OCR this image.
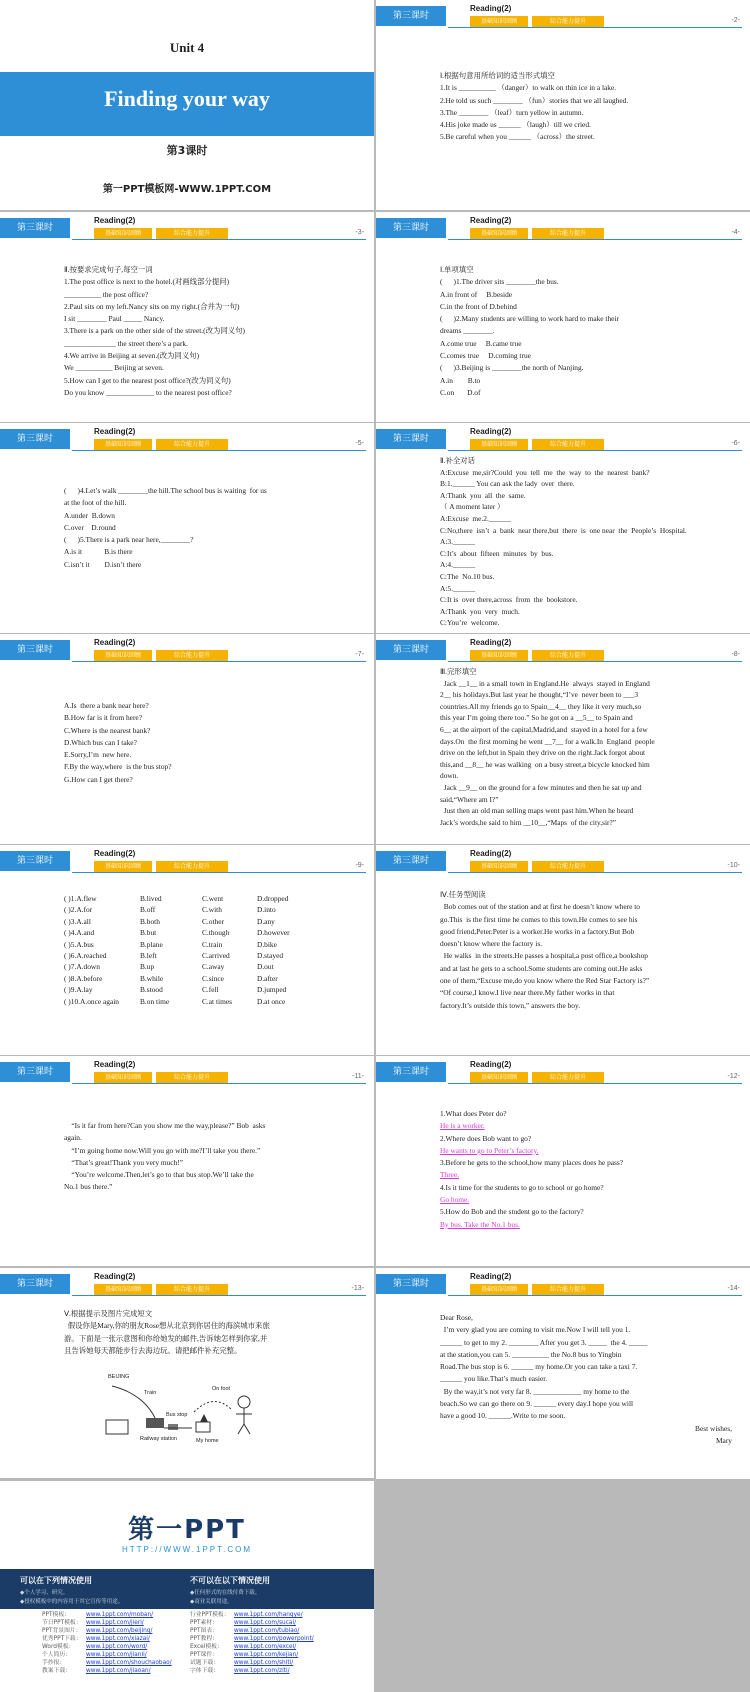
Unit 4
Finding your way
第3课时
第一PPT模板网-WWW.1PPT.COM
第三课时
Reading(2)
基础知识回顾	综合能力提升	-2-

Ⅰ.根据句意用所给词的适当形式填空

1.It is __________ （danger）to walk on thin ice in a lake.

2.He told us such ________ （fun）stories that we all laughed.

3.The ________ （leaf）turn yellow in autumn.

4.His joke made us ______ （laugh）till we cried.

5.Be careful when you ______ （across）the street.

第三课时
Reading(2)
基础知识回顾	综合能力提升	-3-

Ⅱ.按要求完成句子,每空一词

1.The post office is next to the hotel.(对画线部分提问)

__________ the post office?

2.Paul sits on my left.Nancy sits on my right.(合并为一句)

I sit ________ Paul _____ Nancy.

3.There is a park on the other side of the street.(改为同义句)

______________ the street there’s a park.

4.We arrive in Beijing at seven.(改为同义句)

We __________ Beijing at seven.

5.How can I get to the nearest post office?(改为同义句)

Do you know _____________ to the nearest post office?

第三课时
Reading(2)
基础知识回顾	综合能力提升	-4-

Ⅰ.单项填空

(      )1.The driver sits ________the bus.

A.in front of     B.beside

C.in the front of D.behind

(      )2.Many students are willing to work hard to make their

dreams ________.

A.come true     B.came true

C.comes true     D.coming true

(      )3.Beijing is ________the north of Nanjing.

A.in        B.to

C.on       D.of

第三课时
Reading(2)
基础知识回顾	综合能力提升	-5-

(      )4.Let’s walk ________the hill.The school bus is waiting  for us

at the foot of the hill.

A.under  B.down

C.over    D.round

(      )5.There is a park near here,________?

A.is it            B.is there

C.isn’t it        D.isn’t there

第三课时
Reading(2)
基础知识回顾	综合能力提升	-6-

Ⅱ.补全对话

A:Excuse  me,sir?Could  you  tell  me  the  way  to  the  nearest  bank?

B:1.______ You can ask the lady  over  there.

A:Thank  you  all  the  same.

（ A moment later ）

A:Excuse  me.2.______

C:No,there  isn’t  a  bank  near there,but  there  is  one near  the  People’s  Hospital.

A:3.______

C:It’s  about  fifteen  minutes  by  bus.

A:4.______

C:The  No.10 bus.

A:5.______

C:It is  over there,across  from  the  bookstore.

A:Thank  you  very  much.

C:You’re  welcome.

第三课时
Reading(2)
基础知识回顾	综合能力提升	-7-

A.Is  there a bank near here?

B.How far is it from here?

C.Where is the nearest bank?

D.Which bus can I take?

E.Sorry,I’m  new here.

F.By the way,where  is the bus stop?

G.How can I get there?

第三课时
Reading(2)
基础知识回顾	综合能力提升	-8-

Ⅲ.完形填空

Jack __1__ in a small town in England.He  always  stayed in England

2__ his holidays.But last year he thought,“I’ve  never been to ___3

countries.All my friends go to Spain__4__ they like it very much,so

this year I’m going there too.” So he got on a __5__ to Spain and

6__ at the airport of the capital,Madrid,and  stayed in a hotel for a few

days.On  the first morning he went __7__ for a walk.In  England  people

drive on the left,but in Spain they drive on the right.Jack forgot about

this,and __8__ he was walking  on a busy street,a bicycle knocked him

down.

Jack __9__ on the ground for a few minutes and then he sat up and

said,“Where am I?”

Just then an old man selling maps went past him.When he heard

Jack’s words,he said to him __10__,“Maps  of the city,sir?”

第三课时
Reading(2)
基础知识回顾	综合能力提升	-9-
( )1.A.flew	B.lived	C.went	D.dropped
( )2.A.for	B.off	C.with	D.into
( )3.A.all	B.both	C.other	D.any
( )4.A.and	B.but	C.though	D.however
( )5.A.bus	B.plane	C.train	D.bike
( )6.A.reached	B.left	C.arrived	D.stayed
( )7.A.down	B.up	C.away	D.out
( )8.A.before	B.while	C.since	D.after
( )9.A.lay	B.stood	C.fell	D.jumped
( )10.A.once again	B.on time	C.at times	D.at once
第三课时
Reading(2)
基础知识回顾	综合能力提升	-10-

Ⅳ.任务型阅读

Bob comes out of the station and at first he doesn’t know where to

go.This  is the first time he comes to this town.He comes to see his

good friend,Peter.Peter is a worker.He works in a factory.But Bob

doesn’t know where the factory is.

He walks  in the streets.He passes a hospital,a post office,a bookshop

and at last he gets to a school.Some students are coming out.He asks

one of them,“Excuse me,do you know where the Red Star Factory is?”

“Of course,I know.I live near there.My father works in that

factory.It’s outside this town,” answers the boy.

第三课时
Reading(2)
基础知识回顾	综合能力提升	-11-

“Is it far from here?Can you show me the way,please?” Bob  asks

again.

“I’m going home now.Will you go with me?I’ll take you there.”

“That’s great!Thank you very much!”

“You’re welcome.Then,let’s go to that bus stop.We’ll take the

No.1 bus there.”

第三课时
Reading(2)
基础知识回顾	综合能力提升	-12-

1.What does Peter do?

He is a worker.

2.Where does Bob want to go?

He wants to go to Peter’s factory.

3.Before he gets to the school,how many places does he pass?

Three.

4.Is it time for the students to go to school or go home?

Go home.

5.How do Bob and the student go to the factory?

By bus. Take the No.1 bus.

第三课时
Reading(2)
基础知识回顾	综合能力提升	-13-

Ⅴ.根据提示及图片完成短文

假设你是Mary,你的朋友Rose想从北京到你居住的海滨城市来旅

游。下面是一张示意图和你给她发的邮件,告诉她怎样到你家,并

且告诉她每天都能步行去海边玩。请把邮件补充完整。

BEIJING
Train
Bus stop
On foot
Railway station	My home
第三课时
Reading(2)
基础知识回顾	综合能力提升	-14-

Dear Rose,

I’m very glad you are coming to visit me.Now I will tell you 1.

______ to get to my 2. ________ After you get 3. _____  the 4. _____

at the station,you can 5. __________ the No.8 bus to Yingbin

Road.The bus stop is 6. ______ my home.Or you can take a taxi 7.

______ you like.That’s much easier.

By the way,it’s not very far 8. _____________ my home to the

beach.So we can go there on 9. ______ every day.I hope you will

have a good 10. ______.Write to me soon.

Best wishes,

Mary

第一PPT
HTTP://WWW.1PPT.COM
可以在下列情况使用
◆个人学习、研究。
◆授权模板中的内容用于其它宣传等用途。
不可以在以下情况使用
◆任何形式的在线付费下载。
◆商业关联用途。
PPT模板：	www.1ppt.com/moban/
节日PPT模板： www.1ppt.com/jieri/
PPT背景图片： www.1ppt.com/beijing/
优秀PPT下载： www.1ppt.com/xiazai/
Word模板： www.1ppt.com/word/
个人简历：	www.1ppt.com/jianli/
手抄报：	www.1ppt.com/shouchaobao/
教案下载：	www.1ppt.com/jiaoan/
行业PPT模板： www.1ppt.com/hangye/
PPT素材：	www.1ppt.com/sucai/
PPT图表：	www.1ppt.com/tubiao/
PPT教程：	www.1ppt.com/powerpoint/
Excel模板： www.1ppt.com/excel/
PPT课件：	www.1ppt.com/kejian/
试题下载：	www.1ppt.com/shiti/
字体下载：	www.1ppt.com/ziti/
